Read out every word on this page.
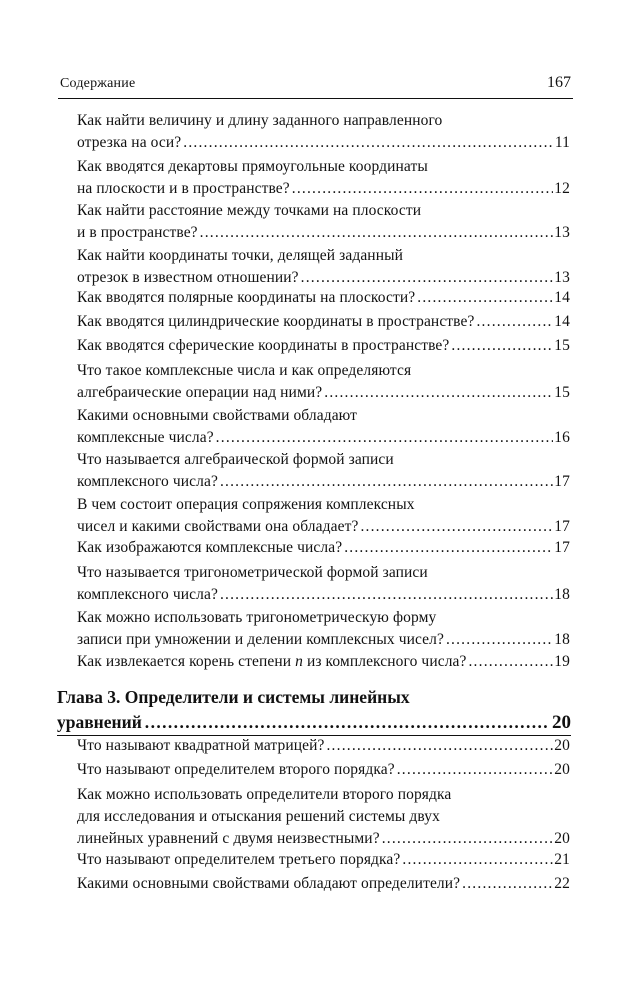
Содержание	167
Как найти величину и длину заданного направленного
отрезка на оси? .....	11
Как вводятся декартовы прямоугольные координаты
на плоскости и в пространстве? .....	12
Как найти расстояние между точками на плоскости
и в пространстве? .....	13
Как найти координаты точки, делящей заданный
отрезок в известном отношении? .....	13
Как вводятся полярные координаты на плоскости? .....	14
Как вводятся цилиндрические координаты в пространстве? .....	14
Как вводятся сферические координаты в пространстве? .....	15
Что такое комплексные числа и как определяются
алгебраические операции над ними? .....	15
Какими основными свойствами обладают
комплексные числа? .....	16
Что называется алгебраической формой записи
комплексного числа? .....	17
В чем состоит операция сопряжения комплексных
чисел и какими свойствами она обладает? .....	17
Как изображаются комплексные числа? .....	17
Что называется тригонометрической формой записи
комплексного числа? .....	18
Как можно использовать тригонометрическую форму
записи при умножении и делении комплексных чисел? .....	18
Как извлекается корень степени n из комплексного числа? .....	19
Глава 3. Определители и системы линейных
уравнений .....	20
Что называют квадратной матрицей? .....	20
Что называют определителем второго порядка? .....	20
Как можно использовать определители второго порядка
для исследования и отыскания решений системы двух
линейных уравнений с двумя неизвестными? .....	20
Что называют определителем третьего порядка? .....	21
Какими основными свойствами обладают определители? .....	22
